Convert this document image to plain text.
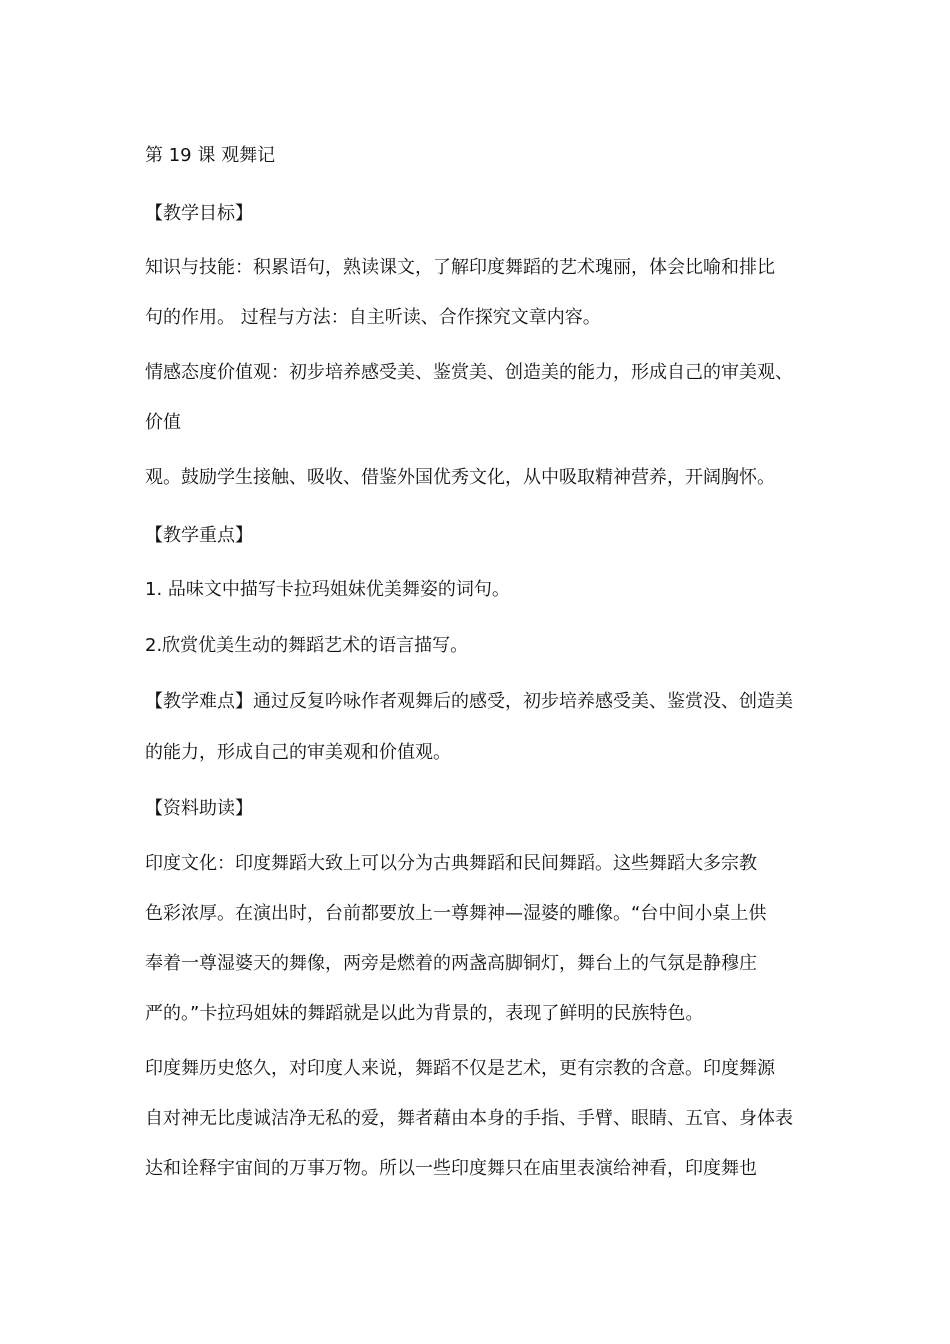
第 19 课 观舞记
【教学目标】
知识与技能：积累语句，熟读课文，了解印度舞蹈的艺术瑰丽，体会比喻和排比
句的作用。 过程与方法：自主听读、合作探究文章内容。
情感态度价值观：初步培养感受美、鉴赏美、创造美的能力，形成自己的审美观、
价值
观。鼓励学生接触、吸收、借鉴外国优秀文化，从中吸取精神营养，开阔胸怀。
【教学重点】
1. 品味文中描写卡拉玛姐妹优美舞姿的词句。
2.欣赏优美生动的舞蹈艺术的语言描写。
【教学难点】通过反复吟咏作者观舞后的感受，初步培养感受美、鉴赏没、创造美
的能力，形成自己的审美观和价值观。
【资料助读】
印度文化：印度舞蹈大致上可以分为古典舞蹈和民间舞蹈。这些舞蹈大多宗教
色彩浓厚。在演出时，台前都要放上一尊舞神—湿婆的雕像。“台中间小桌上供
奉着一尊湿婆天的舞像，两旁是燃着的两盏高脚铜灯，舞台上的气氛是静穆庄
严的。”卡拉玛姐妹的舞蹈就是以此为背景的，表现了鲜明的民族特色。
印度舞历史悠久，对印度人来说，舞蹈不仅是艺术，更有宗教的含意。印度舞源
自对神无比虔诚洁净无私的爱，舞者藉由本身的手指、手臂、眼睛、五官、身体表
达和诠释宇宙间的万事万物。所以一些印度舞只在庙里表演给神看，印度舞也
